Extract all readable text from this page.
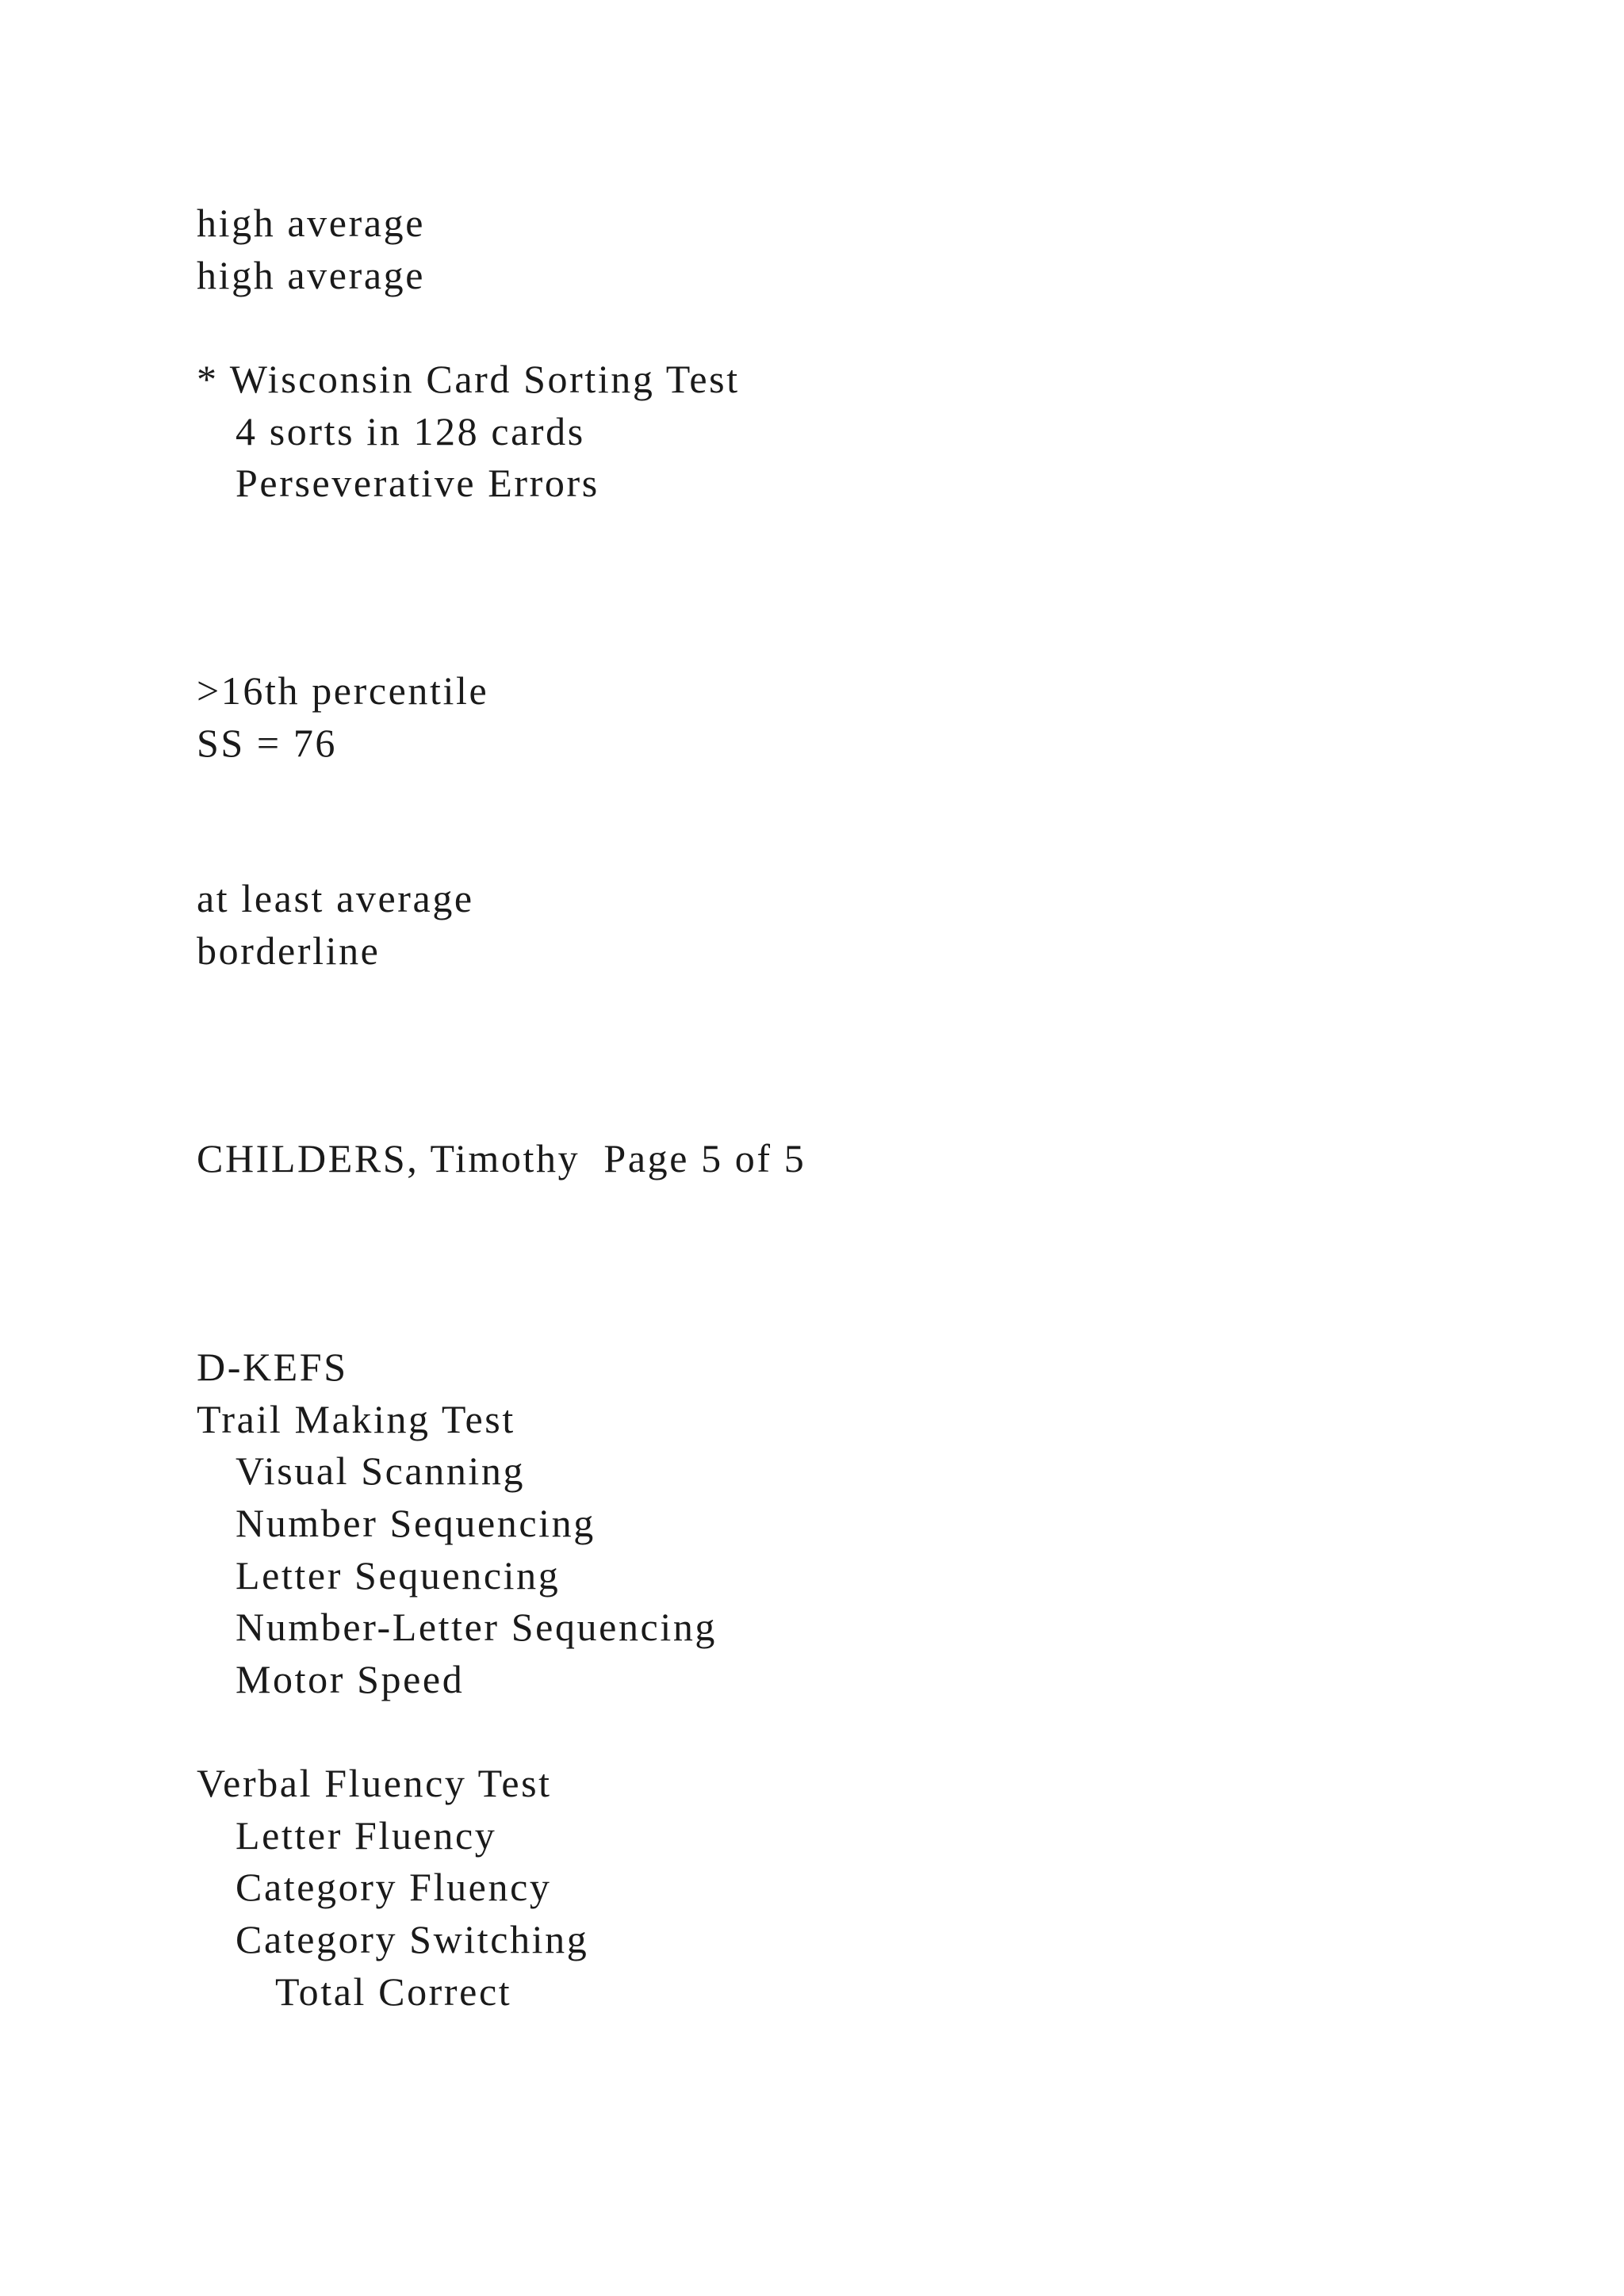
high average

high average

* Wisconsin Card Sorting Test

4 sorts in 128 cards

Perseverative Errors

>16th percentile

SS = 76

at least average

borderline

CHILDERS, Timothy  Page 5 of 5

D-KEFS

Trail Making Test

Visual Scanning

Number Sequencing

Letter Sequencing

Number-Letter Sequencing

Motor Speed

Verbal Fluency Test

Letter Fluency

Category Fluency

Category Switching

Total Correct
